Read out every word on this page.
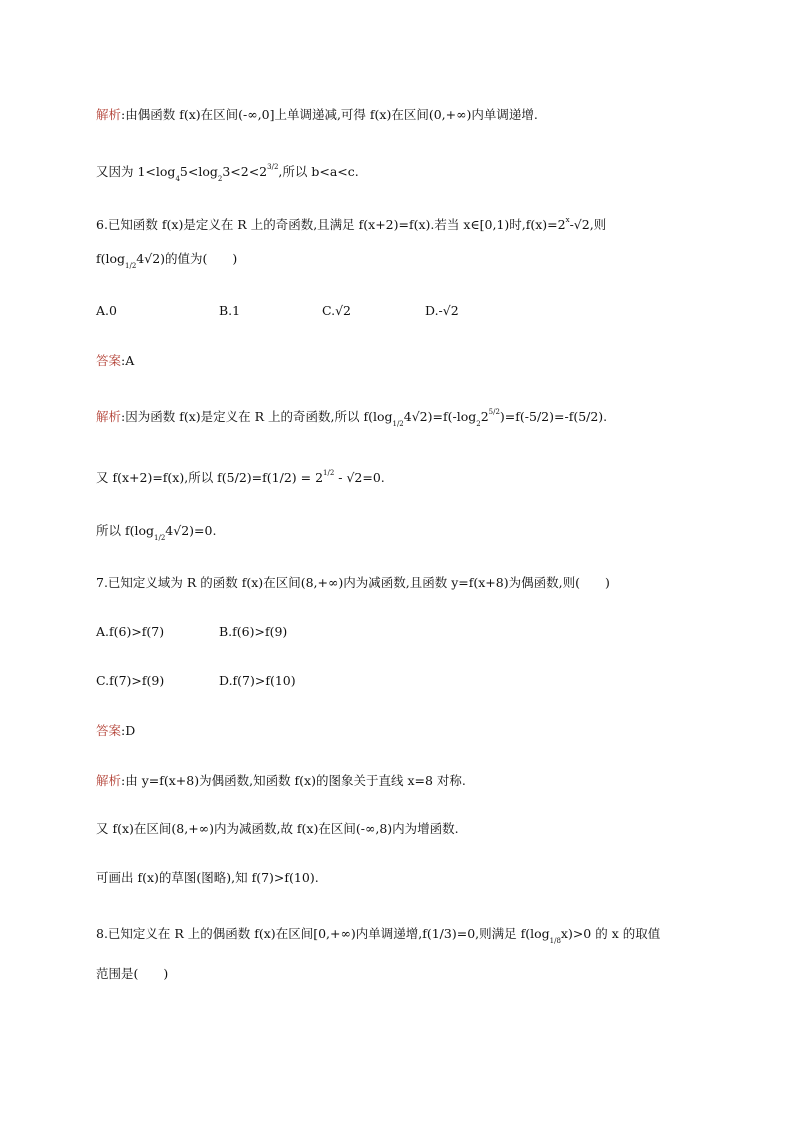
解析:由偶函数 f(x)在区间(-∞,0]上单调递减,可得 f(x)在区间(0,+∞)内单调递增.
又因为 $1<\log_45<\log_23<2<2^{3/2}$,所以 b<a<c.
6.已知函数 f(x)是定义在 R 上的奇函数,且满足 f(x+2)=f(x).若当 x∈[0,1)时$,f(x)=2^x-√2$,则
$f(\log_{1/2}4√2)$的值为(　　)
A.0	B.1	C.√2	D.-√2
答案:A
解析:因为函数 f(x)是定义在 R 上的奇函数,所以 $f(\log_{1/2}4√2)=f(-\log_22^{5/2})=f(-5/2)=-f(5/2)$.
又 f(x+2)=f(x),所以 $f(5/2)=f(1/2) = 2^{1/2} - √2=0$.
所以 $f(\log_{1/2}4√2)=0$.
7.已知定义域为 R 的函数 f(x)在区间(8,+∞)内为减函数,且函数 y=f(x+8)为偶函数,则(　　)
A.f(6)>f(7)	B.f(6)>f(9)
C.f(7)>f(9)	D.f(7)>f(10)
答案:D
解析:由 y=f(x+8)为偶函数,知函数 f(x)的图象关于直线 x=8 对称.
又 f(x)在区间(8,+∞)内为减函数,故 f(x)在区间(-∞,8)内为增函数.
可画出 f(x)的草图(图略),知 f(7)>f(10).
8.已知定义在 R 上的偶函数 f(x)在区间[0,+∞)内单调递增,f(1/3)=0,则满足 $f(\log_{1/8}x)>0$ 的 x 的取值
范围是(　　)
